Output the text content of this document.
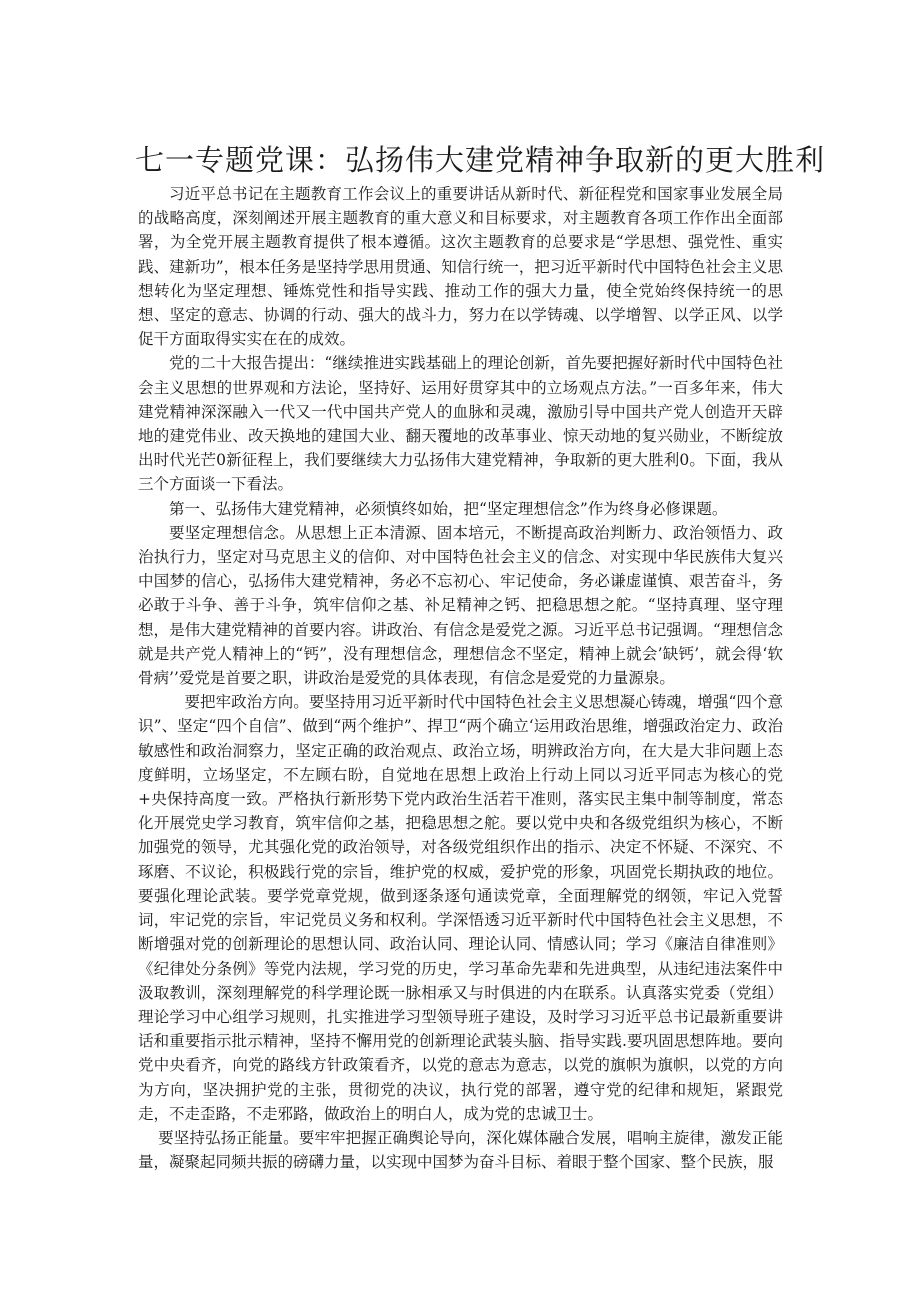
七一专题党课：弘扬伟大建党精神争取新的更大胜利

习近平总书记在主题教育工作会议上的重要讲话从新时代、新征程党和国家事业发展全局的战略高度，深刻阐述开展主题教育的重大意义和目标要求，对主题教育各项工作作出全面部署，为全党开展主题教育提供了根本遵循。这次主题教育的总要求是“学思想、强党性、重实践、建新功”，根本任务是坚持学思用贯通、知信行统一，把习近平新时代中国特色社会主义思想转化为坚定理想、锤炼党性和指导实践、推动工作的强大力量，使全党始终保持统一的思想、坚定的意志、协调的行动、强大的战斗力，努力在以学铸魂、以学增智、以学正风、以学促干方面取得实实在在的成效。

党的二十大报告提出：“继续推进实践基础上的理论创新，首先要把握好新时代中国特色社会主义思想的世界观和方法论，坚持好、运用好贯穿其中的立场观点方法。”一百多年来，伟大建党精神深深融入一代又一代中国共产党人的血脉和灵魂，激励引导中国共产党人创造开天辟地的建党伟业、改天换地的建国大业、翻天覆地的改革事业、惊天动地的复兴勋业，不断绽放出时代光芒0新征程上，我们要继续大力弘扬伟大建党精神，争取新的更大胜利0。下面，我从三个方面谈一下看法。

第一、弘扬伟大建党精神，必须慎终如始，把“坚定理想信念”作为终身必修课题。

要坚定理想信念。从思想上正本清源、固本培元，不断提高政治判断力、政治领悟力、政治执行力，坚定对马克思主义的信仰、对中国特色社会主义的信念、对实现中华民族伟大复兴中国梦的信心，弘扬伟大建党精神，务必不忘初心、牢记使命，务必谦虚谨慎、艰苦奋斗，务必敢于斗争、善于斗争，筑牢信仰之基、补足精神之钙、把稳思想之舵。“坚持真理、坚守理想，是伟大建党精神的首要内容。讲政治、有信念是爱党之源。习近平总书记强调。“理想信念就是共产党人精神上的“钙”，没有理想信念，理想信念不坚定，精神上就会’缺钙’，就会得‘软骨病’’爱党是首要之职，讲政治是爱党的具体表现，有信念是爱党的力量源泉。

要把牢政治方向。要坚持用习近平新时代中国特色社会主义思想凝心铸魂，增强“四个意识”、坚定“四个自信”、做到“两个维护”、捍卫“两个确立‘运用政治思维，增强政治定力、政治敏感性和政治洞察力，坚定正确的政治观点、政治立场，明辨政治方向，在大是大非问题上态度鲜明，立场坚定，不左顾右盼，自觉地在思想上政治上行动上同以习近平同志为核心的党+央保持高度一致。严格执行新形势下党内政治生活若干准则，落实民主集中制等制度，常态化开展党史学习教育，筑牢信仰之基，把稳思想之舵。要以党中央和各级党组织为核心，不断加强党的领导，尤其强化党的政治领导，对各级党组织作出的指示、决定不怀疑、不深究、不琢磨、不议论，积极践行党的宗旨，维护党的权威，爱护党的形象，巩固党长期执政的地位。要强化理论武装。要学党章党规，做到逐条逐句通读党章，全面理解党的纲领，牢记入党誓词，牢记党的宗旨，牢记党员义务和权利。学深悟透习近平新时代中国特色社会主义思想，不断增强对党的创新理论的思想认同、政治认同、理论认同、情感认同；学习《廉洁自律准则》《纪律处分条例》等党内法规，学习党的历史，学习革命先辈和先进典型，从违纪违法案件中汲取教训，深刻理解党的科学理论既一脉相承又与时俱进的内在联系。认真落实党委（党组）理论学习中心组学习规则，扎实推进学习型领导班子建设，及时学习习近平总书记最新重要讲话和重要指示批示精神，坚持不懈用党的创新理论武装头脑、指导实践.要巩固思想阵地。要向党中央看齐，向党的路线方针政策看齐，以党的意志为意志，以党的旗帜为旗帜，以党的方向为方向，坚决拥护党的主张，贯彻党的决议，执行党的部署，遵守党的纪律和规矩，紧跟党走，不走歪路，不走邪路，做政治上的明白人，成为党的忠诚卫士。

要坚持弘扬正能量。要牢牢把握正确舆论导向，深化媒体融合发展，唱响主旋律，激发正能量，凝聚起同频共振的磅礴力量，以实现中国梦为奋斗目标、着眼于整个国家、整个民族，服
